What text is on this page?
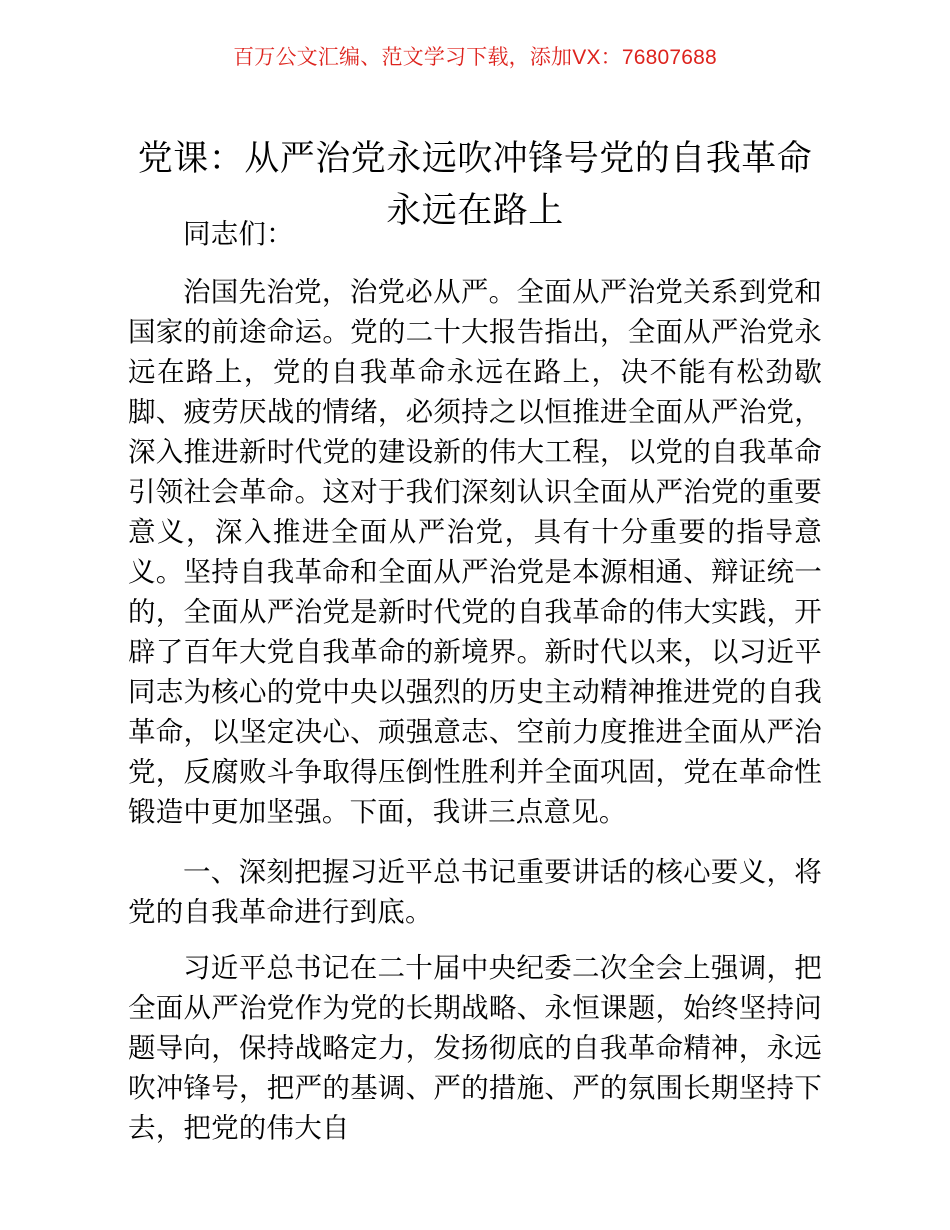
百万公文汇编、范文学习下载，添加VX：76807688
党课：从严治党永远吹冲锋号党的自我革命永远在路上

同志们：

治国先治党，治党必从严。全面从严治党关系到党和国家的前途命运。党的二十大报告指出，全面从严治党永远在路上，党的自我革命永远在路上，决不能有松劲歇脚、疲劳厌战的情绪，必须持之以恒推进全面从严治党，深入推进新时代党的建设新的伟大工程，以党的自我革命引领社会革命。这对于我们深刻认识全面从严治党的重要意义，深入推进全面从严治党，具有十分重要的指导意义。坚持自我革命和全面从严治党是本源相通、辩证统一的，全面从严治党是新时代党的自我革命的伟大实践，开辟了百年大党自我革命的新境界。新时代以来，以习近平同志为核心的党中央以强烈的历史主动精神推进党的自我革命，以坚定决心、顽强意志、空前力度推进全面从严治党，反腐败斗争取得压倒性胜利并全面巩固，党在革命性锻造中更加坚强。下面，我讲三点意见。

一、深刻把握习近平总书记重要讲话的核心要义，将党的自我革命进行到底。

习近平总书记在二十届中央纪委二次全会上强调，把全面从严治党作为党的长期战略、永恒课题，始终坚持问题导向，保持战略定力，发扬彻底的自我革命精神，永远吹冲锋号，把严的基调、严的措施、严的氛围长期坚持下去，把党的伟大自
